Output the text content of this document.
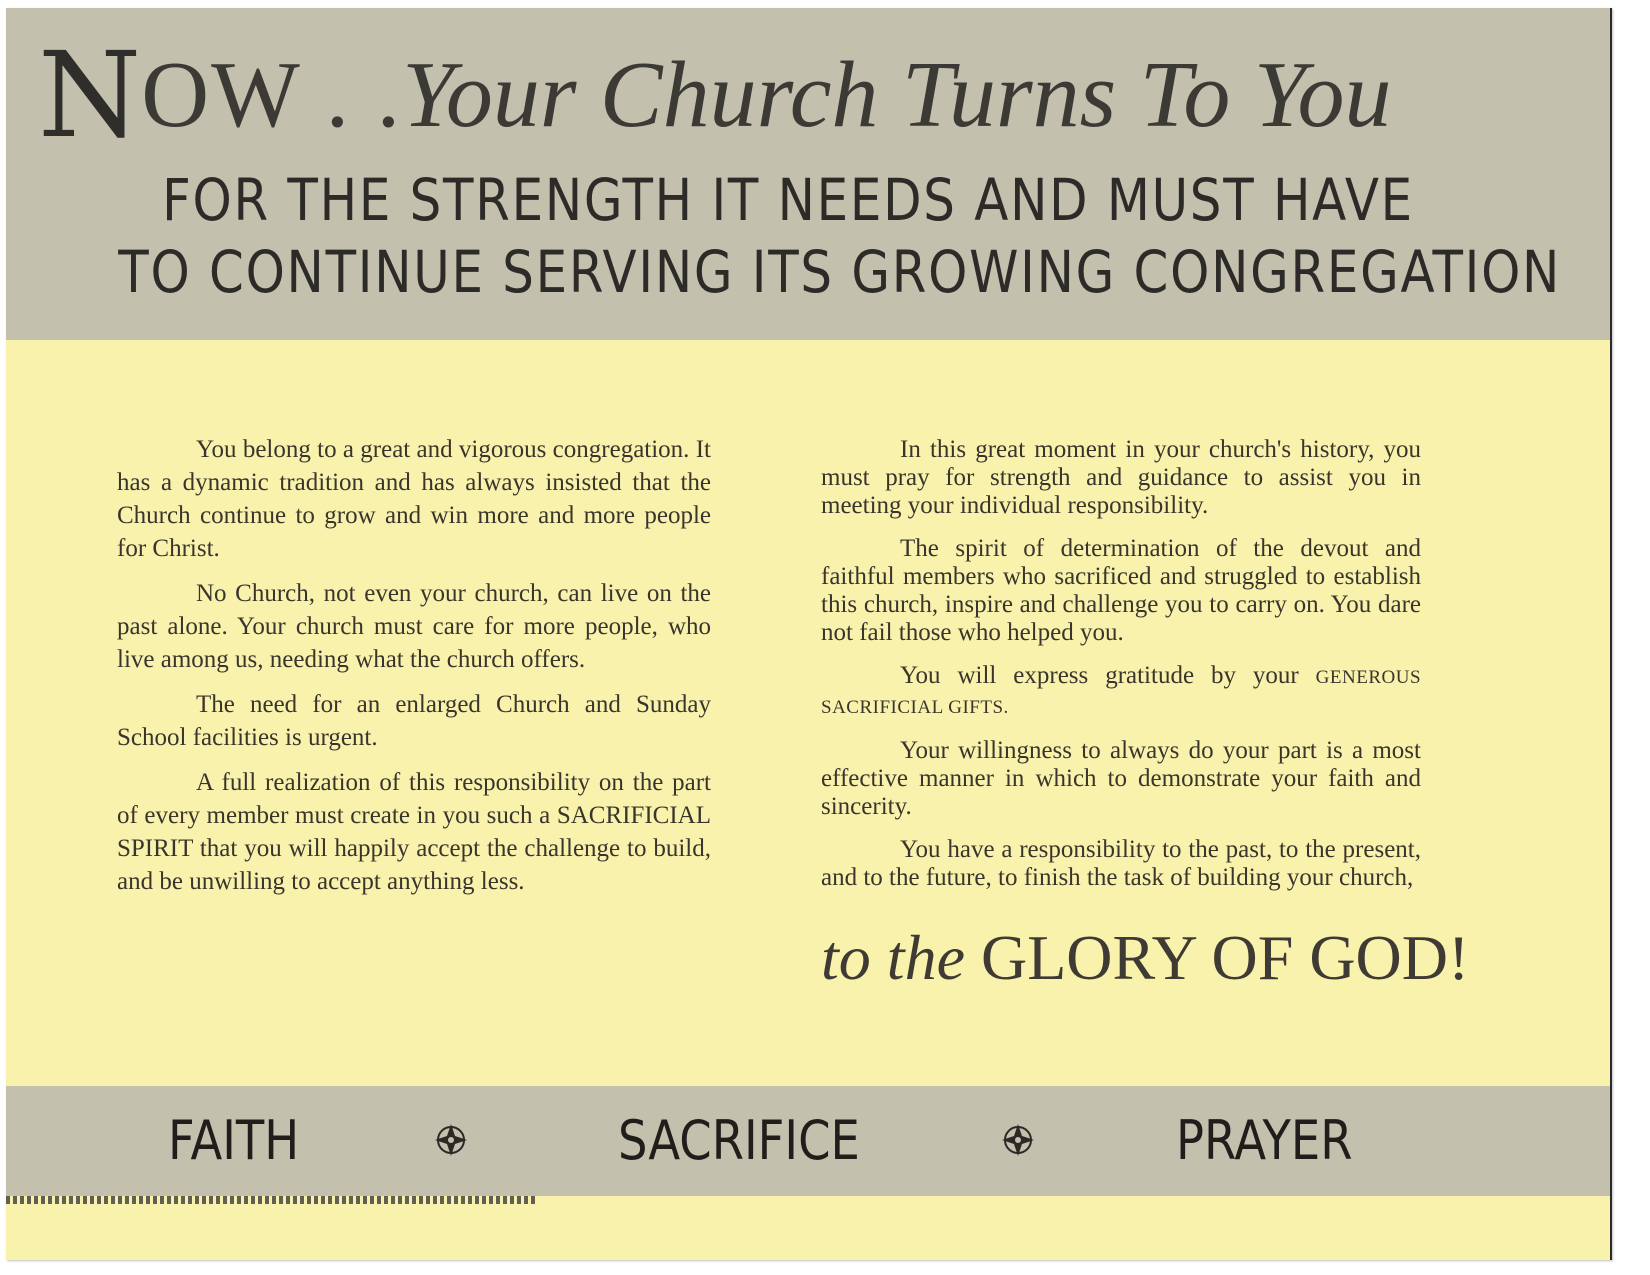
NOW . .Your Church Turns To You
FOR THE STRENGTH IT NEEDS AND MUST HAVE
TO CONTINUE SERVING ITS GROWING CONGREGATION

You belong to a great and vigorous congregation. It has a dynamic tradition and has always insisted that the Church continue to grow and win more and more people for Christ.

No Church, not even your church, can live on the past alone. Your church must care for more people, who live among us, needing what the church offers.

The need for an enlarged Church and Sunday School facilities is urgent.

A full realization of this responsibility on the part of every member must create in you such a SACRIFICIAL SPIRIT that you will happily accept the challenge to build, and be unwilling to accept anything less.

In this great moment in your church's history, you must pray for strength and guidance to assist you in meeting your individual responsibility.

The spirit of determination of the devout and faithful members who sacrificed and struggled to establish this church, inspire and challenge you to carry on. You dare not fail those who helped you.

You will express gratitude by your GENEROUS SACRIFICIAL GIFTS.

Your willingness to always do your part is a most effective manner in which to demonstrate your faith and sincerity.

You have a responsibility to the past, to the present, and to the future, to finish the task of building your church,

to the GLORY OF GOD!
FAITH	SACRIFICE	PRAYER
